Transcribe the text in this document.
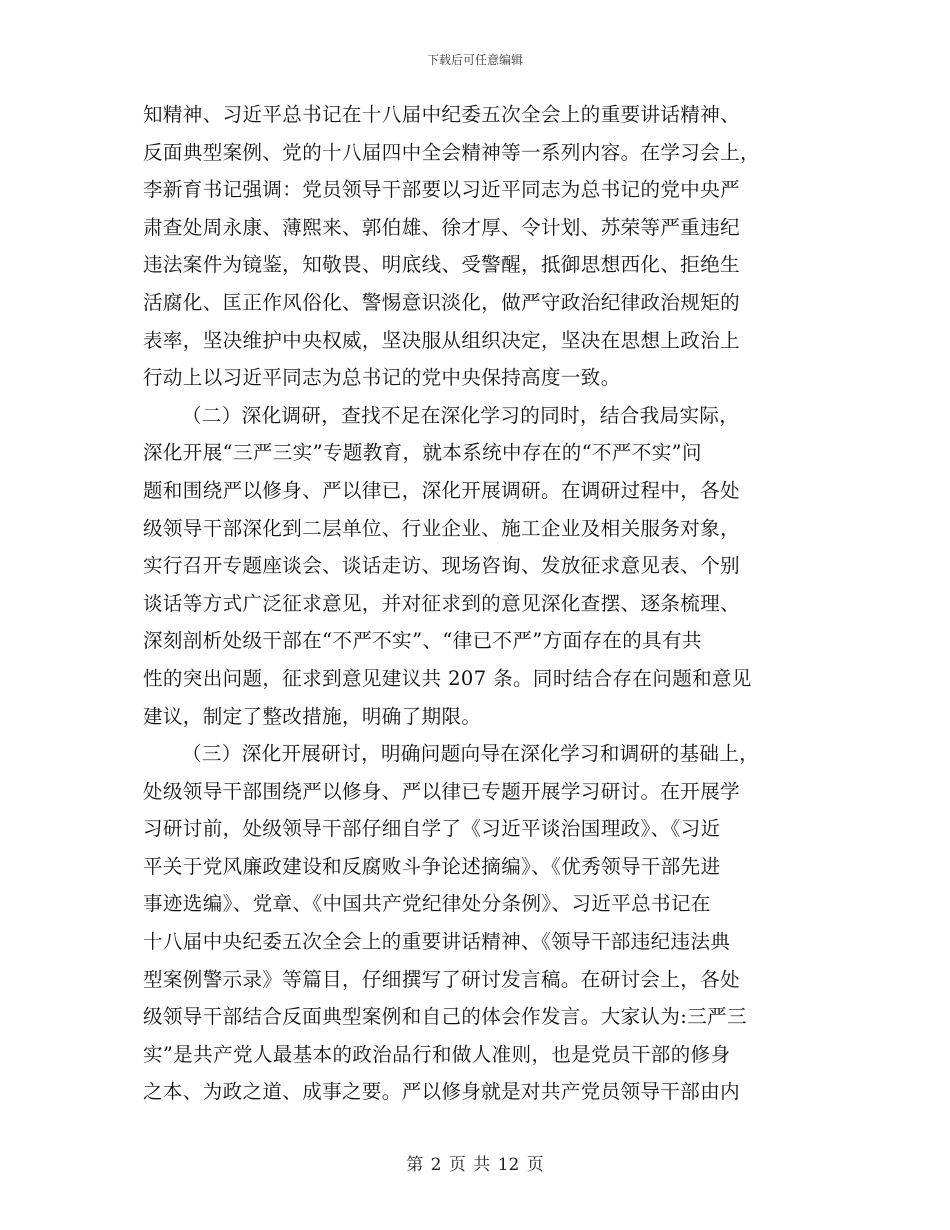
下载后可任意编辑
知精神、习近平总书记在十八届中纪委五次全会上的重要讲话精神、
反面典型案例、党的十八届四中全会精神等一系列内容。在学习会上，
李新育书记强调：党员领导干部要以习近平同志为总书记的党中央严
肃查处周永康、薄熙来、郭伯雄、徐才厚、令计划、苏荣等严重违纪
违法案件为镜鉴，知敬畏、明底线、受警醒，抵御思想西化、拒绝生
活腐化、匡正作风俗化、警惕意识淡化，做严守政治纪律政治规矩的
表率，坚决维护中央权威，坚决服从组织决定，坚决在思想上政治上
行动上以习近平同志为总书记的党中央保持高度一致。
（二）深化调研，查找不足在深化学习的同时，结合我局实际，
深化开展“三严三实”专题教育，就本系统中存在的“不严不实”问
题和围绕严以修身、严以律已，深化开展调研。在调研过程中，各处
级领导干部深化到二层单位、行业企业、施工企业及相关服务对象，
实行召开专题座谈会、谈话走访、现场咨询、发放征求意见表、个别
谈话等方式广泛征求意见，并对征求到的意见深化查摆、逐条梳理、
深刻剖析处级干部在“不严不实”、“律已不严”方面存在的具有共
性的突出问题，征求到意见建议共 207 条。同时结合存在问题和意见
建议，制定了整改措施，明确了期限。
（三）深化开展研讨，明确问题向导在深化学习和调研的基础上，
处级领导干部围绕严以修身、严以律已专题开展学习研讨。在开展学
习研讨前，处级领导干部仔细自学了《习近平谈治国理政》、《习近
平关于党风廉政建设和反腐败斗争论述摘编》、《优秀领导干部先进
事迹选编》、党章、《中国共产党纪律处分条例》、习近平总书记在
十八届中央纪委五次全会上的重要讲话精神、《领导干部违纪违法典
型案例警示录》等篇目，仔细撰写了研讨发言稿。在研讨会上，各处
级领导干部结合反面典型案例和自己的体会作发言。大家认为:三严三
实”是共产党人最基本的政治品行和做人准则，也是党员干部的修身
之本、为政之道、成事之要。严以修身就是对共产党员领导干部由内
第 2 页 共 12 页
